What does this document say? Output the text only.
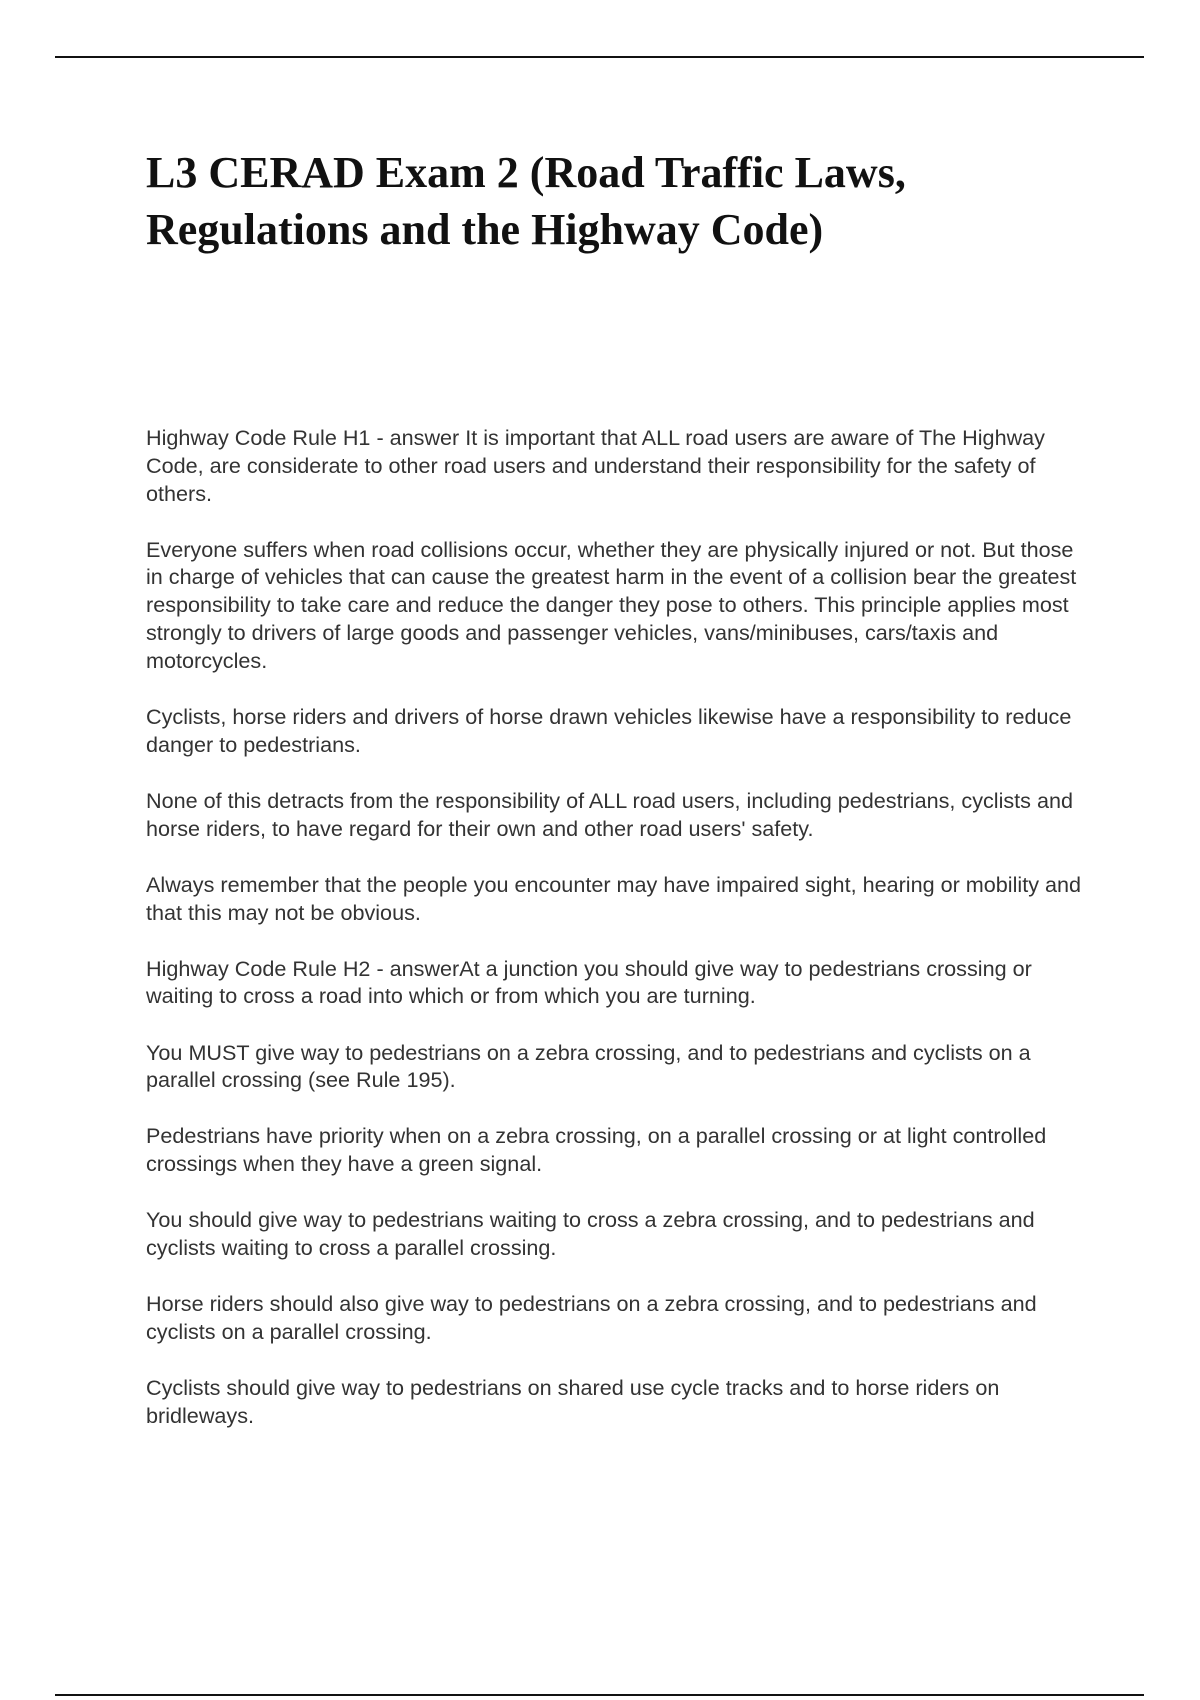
L3 CERAD Exam 2 (Road Traffic Laws, Regulations and the Highway Code)

Highway Code Rule H1 - answer It is important that ALL road users are aware of The Highway Code, are considerate to other road users and understand their responsibility for the safety of others.

Everyone suffers when road collisions occur, whether they are physically injured or not. But those in charge of vehicles that can cause the greatest harm in the event of a collision bear the greatest responsibility to take care and reduce the danger they pose to others. This principle applies most strongly to drivers of large goods and passenger vehicles, vans/minibuses, cars/taxis and motorcycles.

Cyclists, horse riders and drivers of horse drawn vehicles likewise have a responsibility to reduce danger to pedestrians.

None of this detracts from the responsibility of ALL road users, including pedestrians, cyclists and horse riders, to have regard for their own and other road users' safety.

Always remember that the people you encounter may have impaired sight, hearing or mobility and that this may not be obvious.

Highway Code Rule H2 - answerAt a junction you should give way to pedestrians crossing or waiting to cross a road into which or from which you are turning.

You MUST give way to pedestrians on a zebra crossing, and to pedestrians and cyclists on a parallel crossing (see Rule 195).

Pedestrians have priority when on a zebra crossing, on a parallel crossing or at light controlled crossings when they have a green signal.

You should give way to pedestrians waiting to cross a zebra crossing, and to pedestrians and cyclists waiting to cross a parallel crossing.

Horse riders should also give way to pedestrians on a zebra crossing, and to pedestrians and cyclists on a parallel crossing.

Cyclists should give way to pedestrians on shared use cycle tracks and to horse riders on bridleways.
